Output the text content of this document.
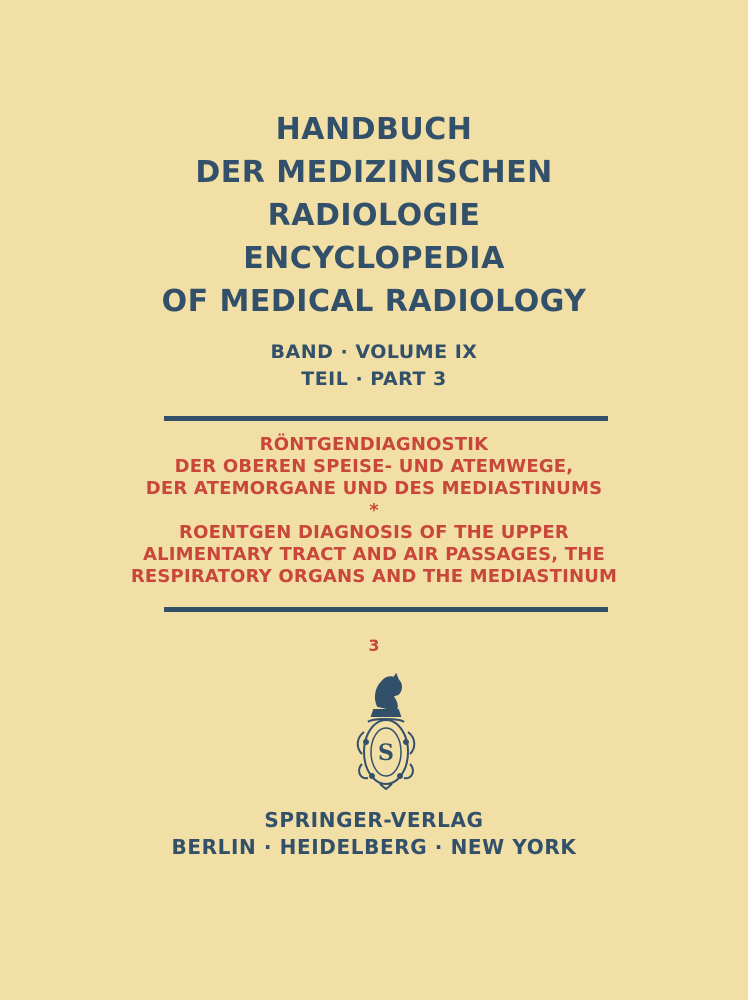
HANDBUCH
DER MEDIZINISCHEN
RADIOLOGIE
ENCYCLOPEDIA
OF MEDICAL RADIOLOGY
BAND · VOLUME IX
TEIL · PART 3
RÖNTGENDIAGNOSTIK
DER OBEREN SPEISE- UND ATEMWEGE,
DER ATEMORGANE UND DES MEDIASTINUMS
*
ROENTGEN DIAGNOSIS OF THE UPPER
ALIMENTARY TRACT AND AIR PASSAGES, THE
RESPIRATORY ORGANS AND THE MEDIASTINUM
3
S
SPRINGER-VERLAG
BERLIN · HEIDELBERG · NEW YORK
